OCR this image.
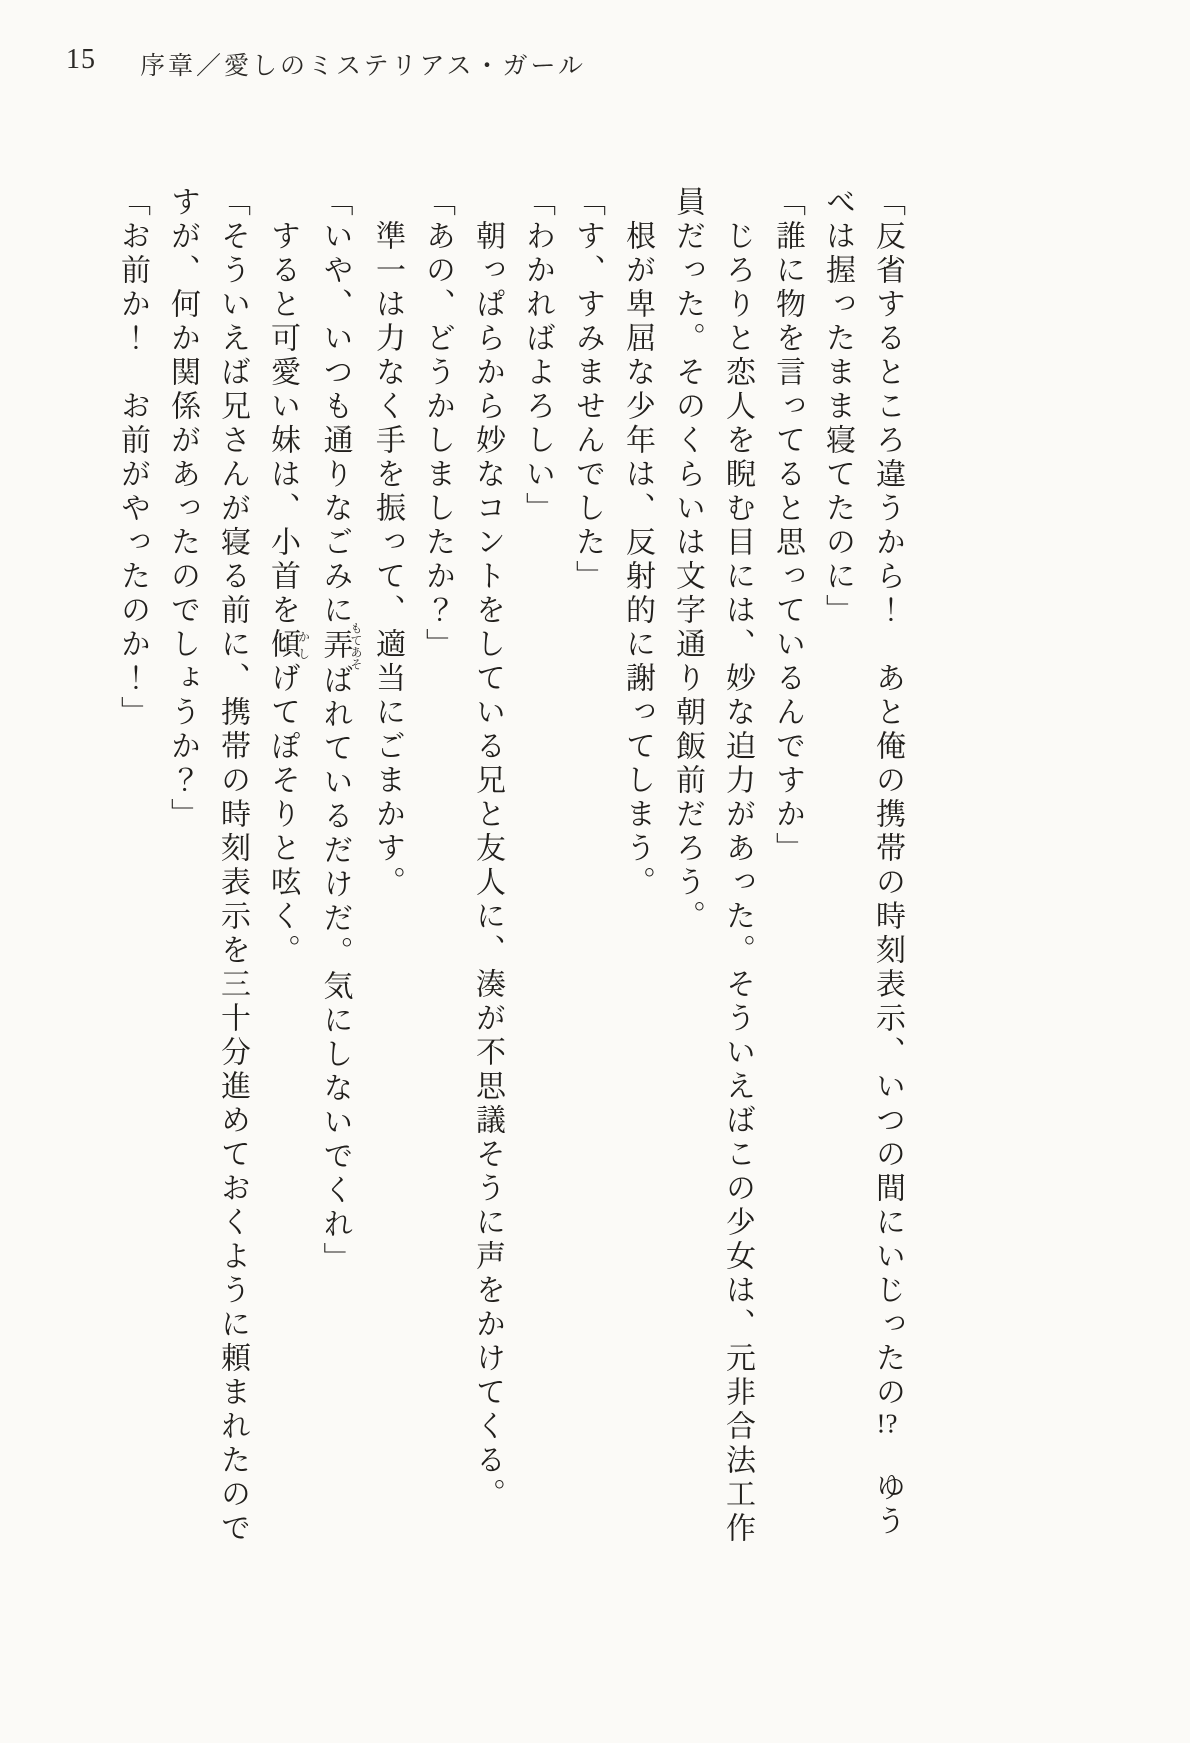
15 序章／愛しのミステリアス・ガール

「反省するところ違うから！　あと俺の携帯の時刻表示、いつの間にいじったの!?　ゆう

べは握ったまま寝てたのに」

「誰に物を言ってると思っているんですか」

　じろりと恋人を睨む目には、妙な迫力があった。そういえばこの少女は、元非合法工作

員だった。そのくらいは文字通り朝飯前だろう。

　根が卑屈な少年は、反射的に謝ってしまう。

「す、すみませんでした」

「わかればよろしい」

　朝っぱらから妙なコントをしている兄と友人に、湊が不思議そうに声をかけてくる。

「あの、どうかしましたか？」

　準一は力なく手を振って、適当にごまかす。

「いや、いつも通りなごみに弄もてあそばれているだけだ。気にしないでくれ」

　すると可愛い妹は、小首を傾かしげてぽそりと呟く。

「そういえば兄さんが寝る前に、携帯の時刻表示を三十分進めておくように頼まれたので

すが、何か関係があったのでしょうか？」

「お前か！　お前がやったのか！」
